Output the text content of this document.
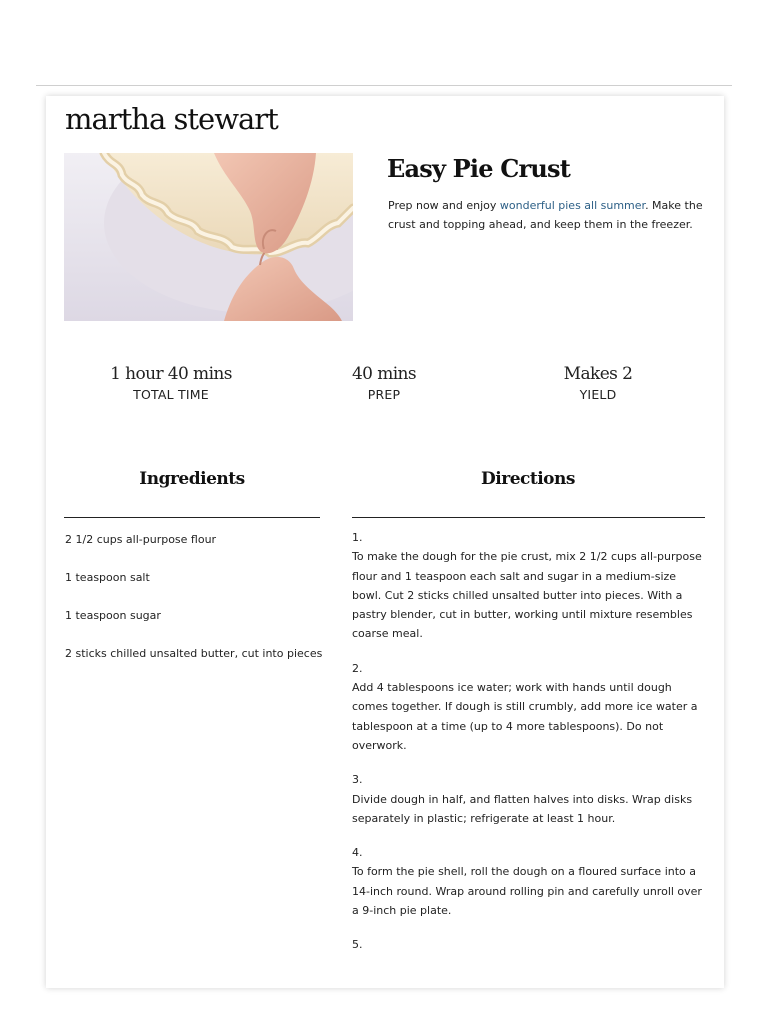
martha stewart
Easy Pie Crust

Prep now and enjoy wonderful pies all summer. Make the crust and topping ahead, and keep them in the freezer.

1 hour 40 mins
TOTAL TIME
40 mins
PREP
Makes 2
YIELD
Ingredients
2 1/2 cups all-purpose flour
1 teaspoon salt
1 teaspoon sugar
2 sticks chilled unsalted butter, cut into pieces
Directions
1.
To make the dough for the pie crust, mix 2 1/2 cups all-purpose flour and 1 teaspoon each salt and sugar in a medium-size bowl. Cut 2 sticks chilled unsalted butter into pieces. With a pastry blender, cut in butter, working until mixture resembles coarse meal.
2.
Add 4 tablespoons ice water; work with hands until dough comes together. If dough is still crumbly, add more ice water a tablespoon at a time (up to 4 more tablespoons). Do not overwork.
3.
Divide dough in half, and flatten halves into disks. Wrap disks separately in plastic; refrigerate at least 1 hour.
4.
To form the pie shell, roll the dough on a floured surface into a 14-inch round. Wrap around rolling pin and carefully unroll over a 9-inch pie plate.
5.
